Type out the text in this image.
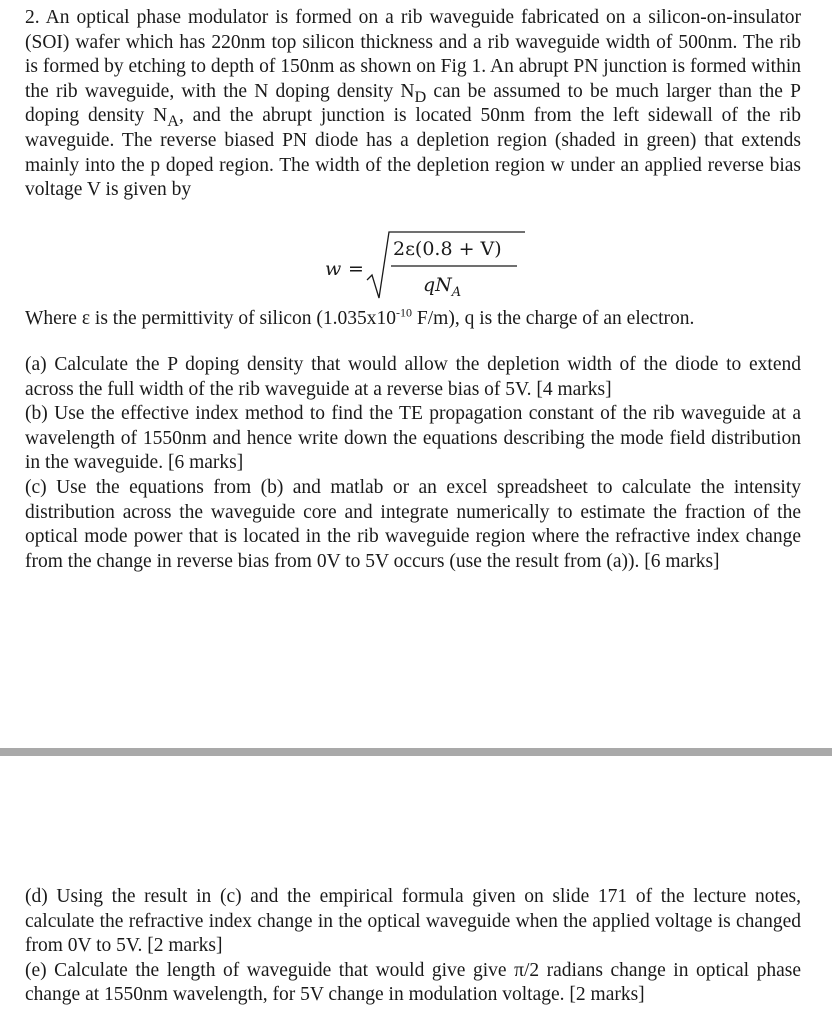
2. An optical phase modulator is formed on a rib waveguide fabricated on a silicon-on-insulator (SOI) wafer which has 220nm top silicon thickness and a rib waveguide width of 500nm. The rib is formed by etching to depth of 150nm as shown on Fig 1. An abrupt PN junction is formed within the rib waveguide, with the N doping density $N_D$ can be assumed to be much larger than the P doping density $N_A$, and the abrupt junction is located 50nm from the left sidewall of the rib waveguide. The reverse biased PN diode has a depletion region (shaded in green) that extends mainly into the p doped region. The width of the depletion region w under an applied reverse bias voltage V is given by
w =
2ε(0.8 + V)
$qN_A$
Where ε is the permittivity of silicon ($1.035x10^{-10}$ F/m), q is the charge of an electron.
(a) Calculate the P doping density that would allow the depletion width of the diode to extend across the full width of the rib waveguide at a reverse bias of 5V. [4 marks]
(b) Use the effective index method to find the TE propagation constant of the rib waveguide at a wavelength of 1550nm and hence write down the equations describing the mode field distribution in the waveguide. [6 marks]
(c) Use the equations from (b) and matlab or an excel spreadsheet to calculate the intensity distribution across the waveguide core and integrate numerically to estimate the fraction of the optical mode power that is located in the rib waveguide region where the refractive index change from the change in reverse bias from 0V to 5V occurs (use the result from (a)). [6 marks]
(d) Using the result in (c) and the empirical formula given on slide 171 of the lecture notes, calculate the refractive index change in the optical waveguide when the applied voltage is changed from 0V to 5V. [2 marks]
(e) Calculate the length of waveguide that would give give π/2 radians change in optical phase change at 1550nm wavelength, for 5V change in modulation voltage. [2 marks]
